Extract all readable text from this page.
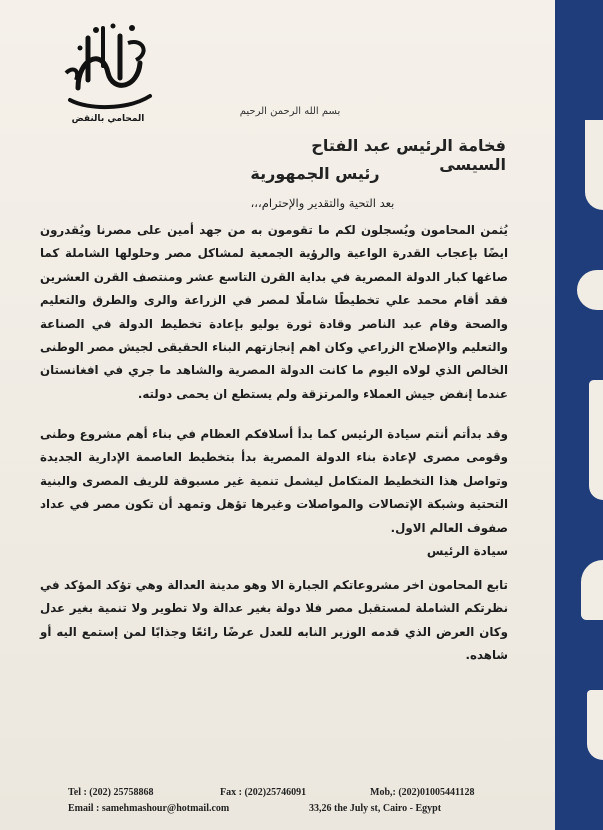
المحامي بالنقض
بسم الله الرحمن الرحيم
فخامة الرئيس عبد الفتاح السيسى
رئيس الجمهورية
بعد التحية والتقدير والإحترام،،،
يُثمن المحامون ويُسجلون لكم ما تقومون به من جهد أمين على مصرنا ويُقدرون ايضًا بإعجاب القدرة الواعية والرؤية الجمعية لمشاكل مصر وحلولها الشاملة كما صاغها كبار الدولة المصرية في بداية القرن التاسع عشر ومنتصف القرن العشرين فقد أقام محمد علي تخطيطًا شاملًا لمصر في الزراعة والرى والطرق والتعليم والصحة وقام عبد الناصر وقادة ثورة يوليو بإعادة تخطيط الدولة في الصناعة والتعليم والإصلاح الزراعي وكان اهم إنجازتهم البناء الحقيقى لجيش مصر الوطنى الخالص الذي لولاه اليوم ما كانت الدولة المصرية والشاهد ما جري في افغانستان عندما إنفض جيش العملاء والمرتزقة ولم يستطع ان يحمى دولته.
وقد بدأتم أنتم سيادة الرئيس كما بدأ أسلافكم العظام في بناء أهم مشروع وطنى وقومى مصرى لإعادة بناء الدولة المصرية بدأ بتخطيط العاصمة الإدارية الجديدة وتواصل هذا التخطيط المتكامل ليشمل تنمية غير مسبوقة للريف المصرى والبنية التحتية وشبكة الإتصالات والمواصلات وغيرها تؤهل وتمهد أن تكون مصر في عداد صفوف العالم الاول.
سيادة الرئيس
تابع المحامون اخر مشروعاتكم الجبارة الا وهو مدينة العدالة وهي تؤكد المؤكد في نظرتكم الشاملة لمستقبل مصر فلا دولة بغير عدالة ولا تطوير ولا تنمية بغير عدل وكان العرض الذي قدمه الوزير النابه للعدل عرضًا رائعًا وجذابًا لمن إستمع اليه أو شاهده.
Tel : (202) 25758868	Fax : (202)25746091	Mob,: (202)01005441128
Email : samehmashour@hotmail.com	33,26 the July st, Cairo - Egypt
